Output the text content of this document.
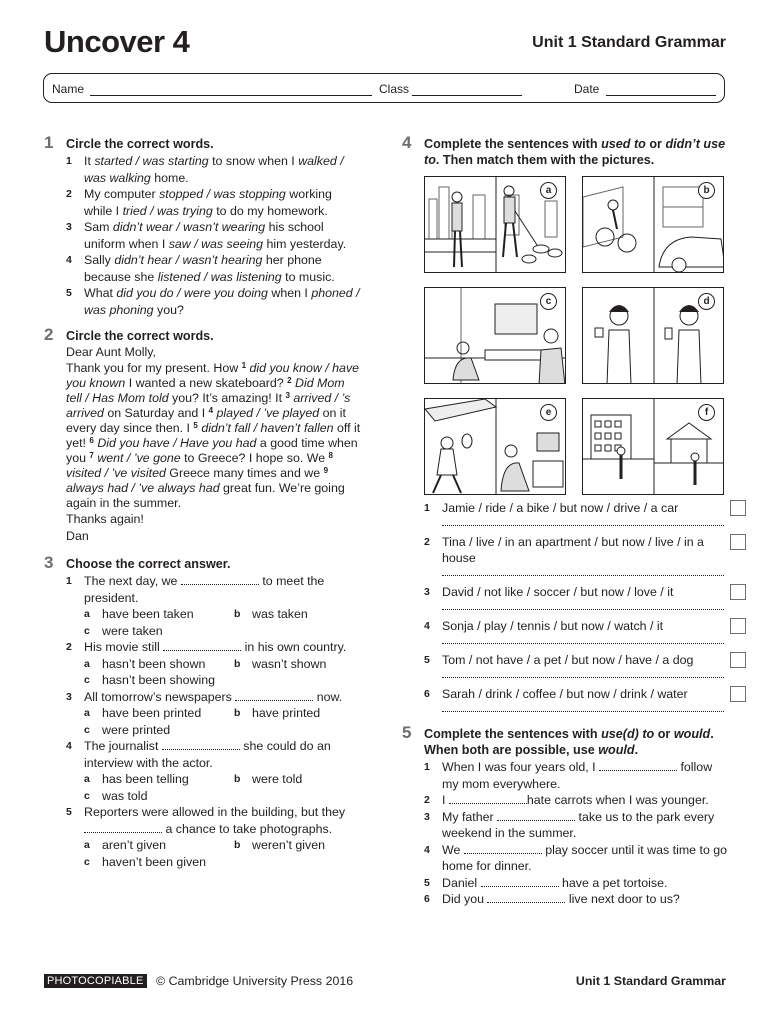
Uncover 4	Unit 1 Standard Grammar
Name	Class	Date
1 Circle the correct words.
1 It started / was starting to snow when I walked / was walking home.
2 My computer stopped / was stopping working while I tried / was trying to do my homework.
3 Sam didn’t wear / wasn’t wearing his school uniform when I saw / was seeing him yesterday.
4 Sally didn’t hear / wasn’t hearing her phone because she listened / was listening to music.
5 What did you do / were you doing when I phoned / was phoning you?
2 Circle the correct words.
Dear Aunt Molly,
Thank you for my present. How $^1$ did you know / have you known I wanted a new skateboard? $^2$ Did Mom tell / Has Mom told you? It’s amazing! It $^3$ arrived / ’s arrived on Saturday and I $^4$ played / ’ve played on it every day since then. I $^5$ didn’t fall / haven’t fallen off it yet! $^6$ Did you have / Have you had a good time when you $^7$ went / ’ve gone to Greece? I hope so. We $^8$ visited / ’ve visited Greece many times and we $^9$ always had / ’ve always had great fun. We’re going again in the summer.
Thanks again!
Dan
3 Choose the correct answer.
1 The next day, we	to meet the president.
a have been taken	b was taken
c were taken
2 His movie still	in his own country.
a hasn’t been shown	b wasn’t shown
c hasn’t been showing
3 All tomorrow’s newspapers	now.
a have been printed	b have printed
c were printed
4 The journalist	she could do an interview with the actor.
a has been telling	b were told
c was told
5 Reporters were allowed in the building, but they  a chance to take photographs.
a aren’t given	b weren’t given
c haven’t been given
4 Complete the sentences with used to or didn’t use to. Then match them with the pictures.
a	b
c	d
e	f
1 Jamie / ride / a bike / but now / drive / a car
2 Tina / live / in an apartment / but now / live / in a house
3 David / not like / soccer / but now / love / it
4 Sonja / play / tennis / but now / watch / it
5 Tom / not have / a pet / but now / have / a dog
6 Sarah / drink / coffee / but now / drink / water
5 Complete the sentences with use(d) to or would. When both are possible, use would.
1 When I was four years old, I	follow my mom everywhere.
2 I	hate carrots when I was younger.
3 My father	take us to the park every weekend in the summer.
4 We	play soccer until it was time to go home for dinner.
5 Daniel	have a pet tortoise.
6 Did you	live next door to us?
PHOTOCOPIABLE © Cambridge University Press 2016	Unit 1 Standard Grammar
